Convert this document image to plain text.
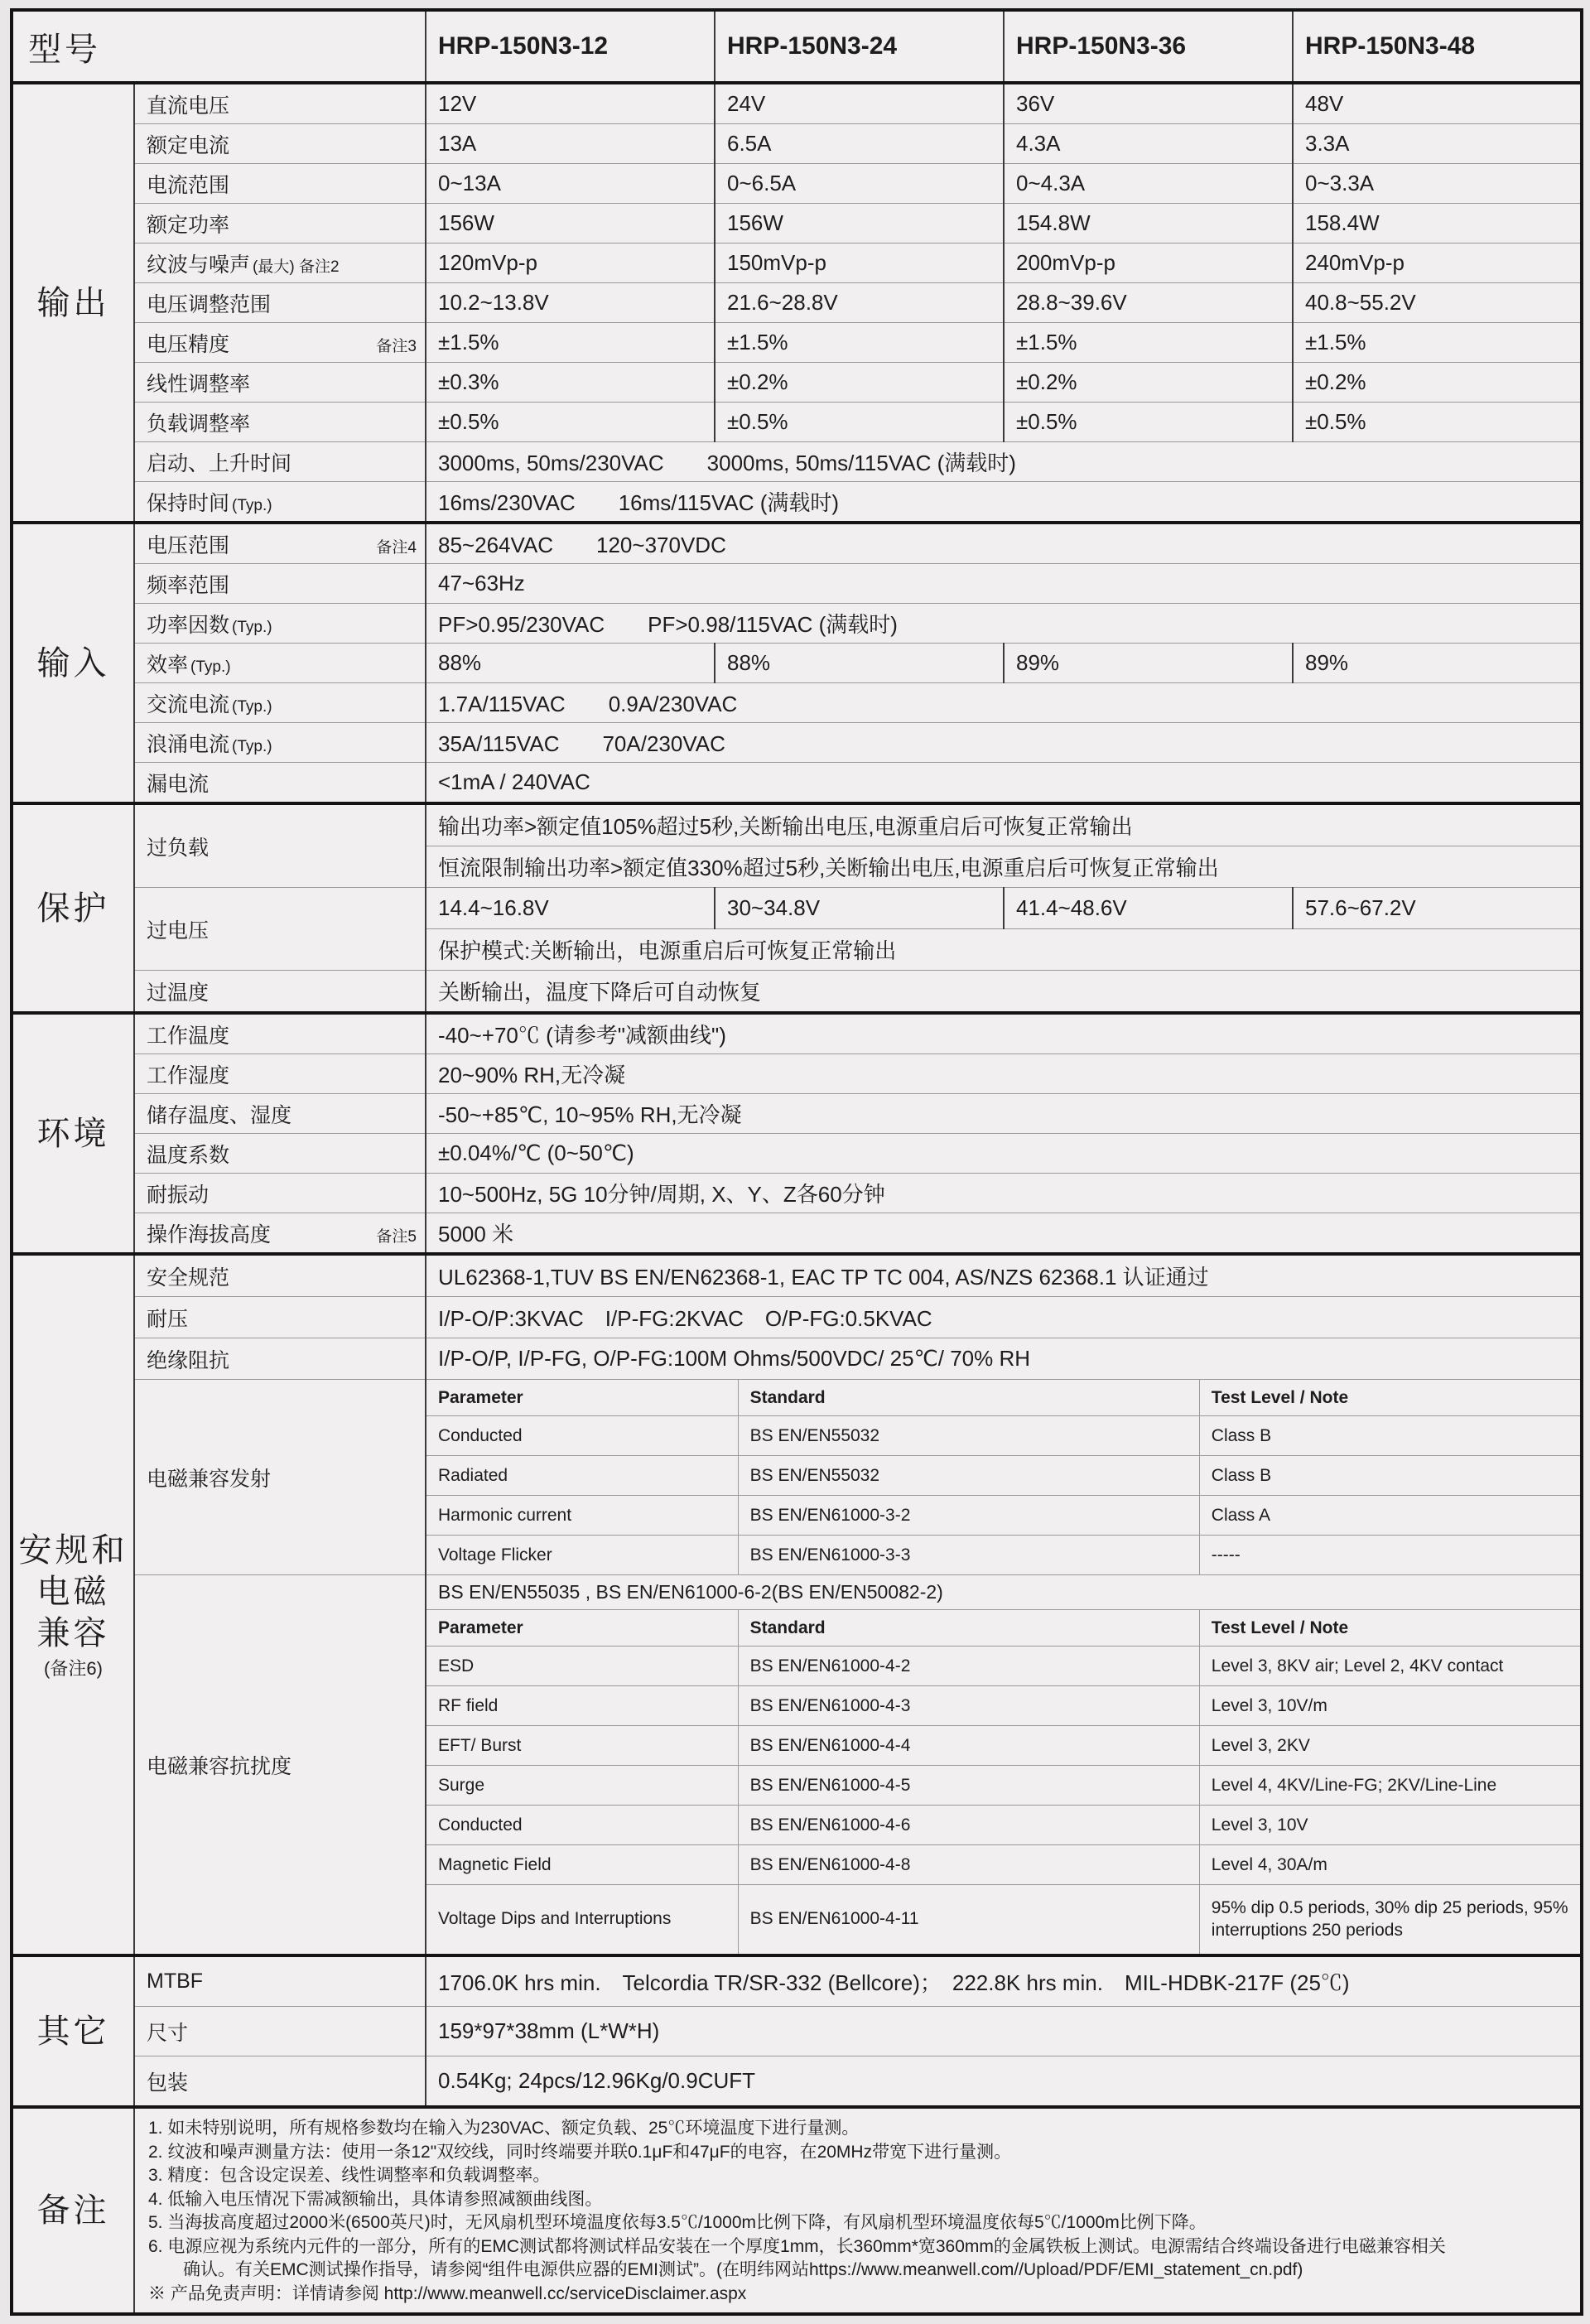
型号	HRP-150N3-12	HRP-150N3-24	HRP-150N3-36	HRP-150N3-48
输出	直流电压	12V	24V	36V	48V
额定电流	13A	6.5A	4.3A	3.3A
电流范围	0~13A	0~6.5A	0~4.3A	0~3.3A
额定功率	156W	156W	154.8W	158.4W

纹波与噪声 (最大) 备注2	120mVp-p	150mVp-p	200mVp-p	240mVp-p
电压调整范围	10.2~13.8V	21.6~28.8V	28.8~39.6V	40.8~55.2V

电压精度	备注3	±1.5%	±1.5%	±1.5%	±1.5%
线性调整率	±0.3%	±0.2%	±0.2%	±0.2%
负载调整率	±0.5%	±0.5%	±0.5%	±0.5%
启动、上升时间	3000ms, 50ms/230VAC　　3000ms, 50ms/115VAC (满载时)

保持时间 (Typ.)	16ms/230VAC　　16ms/115VAC (满载时)
输入	
电压范围	备注4	85~264VAC　　120~370VDC
频率范围	47~63Hz

功率因数 (Typ.)	PF>0.95/230VAC　　PF>0.98/115VAC (满载时)

效率 (Typ.)	88%	88%	89%	89%

交流电流 (Typ.)	1.7A/115VAC　　0.9A/230VAC

浪涌电流 (Typ.)	35A/115VAC　　70A/230VAC
漏电流	<1mA / 240VAC
保护	过负载	输出功率>额定值105%超过5秒,关断输出电压,电源重启后可恢复正常输出
恒流限制输出功率>额定值330%超过5秒,关断输出电压,电源重启后可恢复正常输出
过电压	14.4~16.8V	30~34.8V	41.4~48.6V	57.6~67.2V
保护模式:关断输出，电源重启后可恢复正常输出
过温度	关断输出，温度下降后可自动恢复
环境	工作温度	-40~+70℃ (请参考"减额曲线")
工作湿度	20~90% RH,无冷凝
储存温度、湿度	-50~+85℃, 10~95% RH,无冷凝
温度系数	±0.04%/℃ (0~50℃)
耐振动	10~500Hz, 5G 10分钟/周期, X、Y、Z各60分钟

操作海拔高度	备注5	5000 米
安规和
电磁
兼容
(备注6)
	安全规范	UL62368-1,TUV BS EN/EN62368-1, EAC TP TC 004, AS/NZS 62368.1 认证通过
耐压	I/P-O/P:3KVAC　I/P-FG:2KVAC　O/P-FG:0.5KVAC
绝缘阻抗	I/P-O/P, I/P-FG, O/P-FG:100M Ohms/500VDC/ 25℃/ 70% RH
电磁兼容发射	
Parameter	Standard	Test Level / Note
Conducted	BS EN/EN55032	Class B
Radiated	BS EN/EN55032	Class B
Harmonic current	BS EN/EN61000-3-2	Class A
Voltage Flicker	BS EN/EN61000-3-3	-----

电磁兼容抗扰度	
BS EN/EN55035 , BS EN/EN61000-6-2(BS EN/EN50082-2)
Parameter	Standard	Test Level / Note
ESD	BS EN/EN61000-4-2	Level 3, 8KV air; Level 2, 4KV contact
RF field	BS EN/EN61000-4-3	Level 3, 10V/m
EFT/ Burst	BS EN/EN61000-4-4	Level 3, 2KV
Surge	BS EN/EN61000-4-5	Level 4, 4KV/Line-FG; 2KV/Line-Line
Conducted	BS EN/EN61000-4-6	Level 3, 10V
Magnetic Field	BS EN/EN61000-4-8	Level 4, 30A/m
Voltage Dips and Interruptions	BS EN/EN61000-4-11	95% dip 0.5 periods, 30% dip 25 periods, 95% interruptions 250 periods

其它	MTBF	1706.0K hrs min.　Telcordia TR/SR-332 (Bellcore)；　222.8K hrs min.　MIL-HDBK-217F (25℃)
尺寸	159*97*38mm (L*W*H)
包装	0.54Kg; 24pcs/12.96Kg/0.9CUFT
备注	
1. 如未特别说明，所有规格参数均在输入为230VAC、额定负载、25℃环境温度下进行量测。
2. 纹波和噪声测量方法：使用一条12"双绞线，同时终端要并联0.1μF和47μF的电容，在20MHz带宽下进行量测。
3. 精度：包含设定误差、线性调整率和负载调整率。
4. 低输入电压情况下需减额输出，具体请参照减额曲线图。
5. 当海拔高度超过2000米(6500英尺)时，无风扇机型环境温度依每3.5℃/1000m比例下降，有风扇机型环境温度依每5℃/1000m比例下降。
6. 电源应视为系统内元件的一部分，所有的EMC测试都将测试样品安装在一个厚度1mm，长360mm*宽360mm的金属铁板上测试。电源需结合终端设备进行电磁兼容相关
　　确认。有关EMC测试操作指导，请参阅“组件电源供应器的EMI测试”。(在明纬网站https://www.meanwell.com//Upload/PDF/EMI_statement_cn.pdf)
※ 产品免责声明：详情请参阅 http://www.meanwell.cc/serviceDisclaimer.aspx
